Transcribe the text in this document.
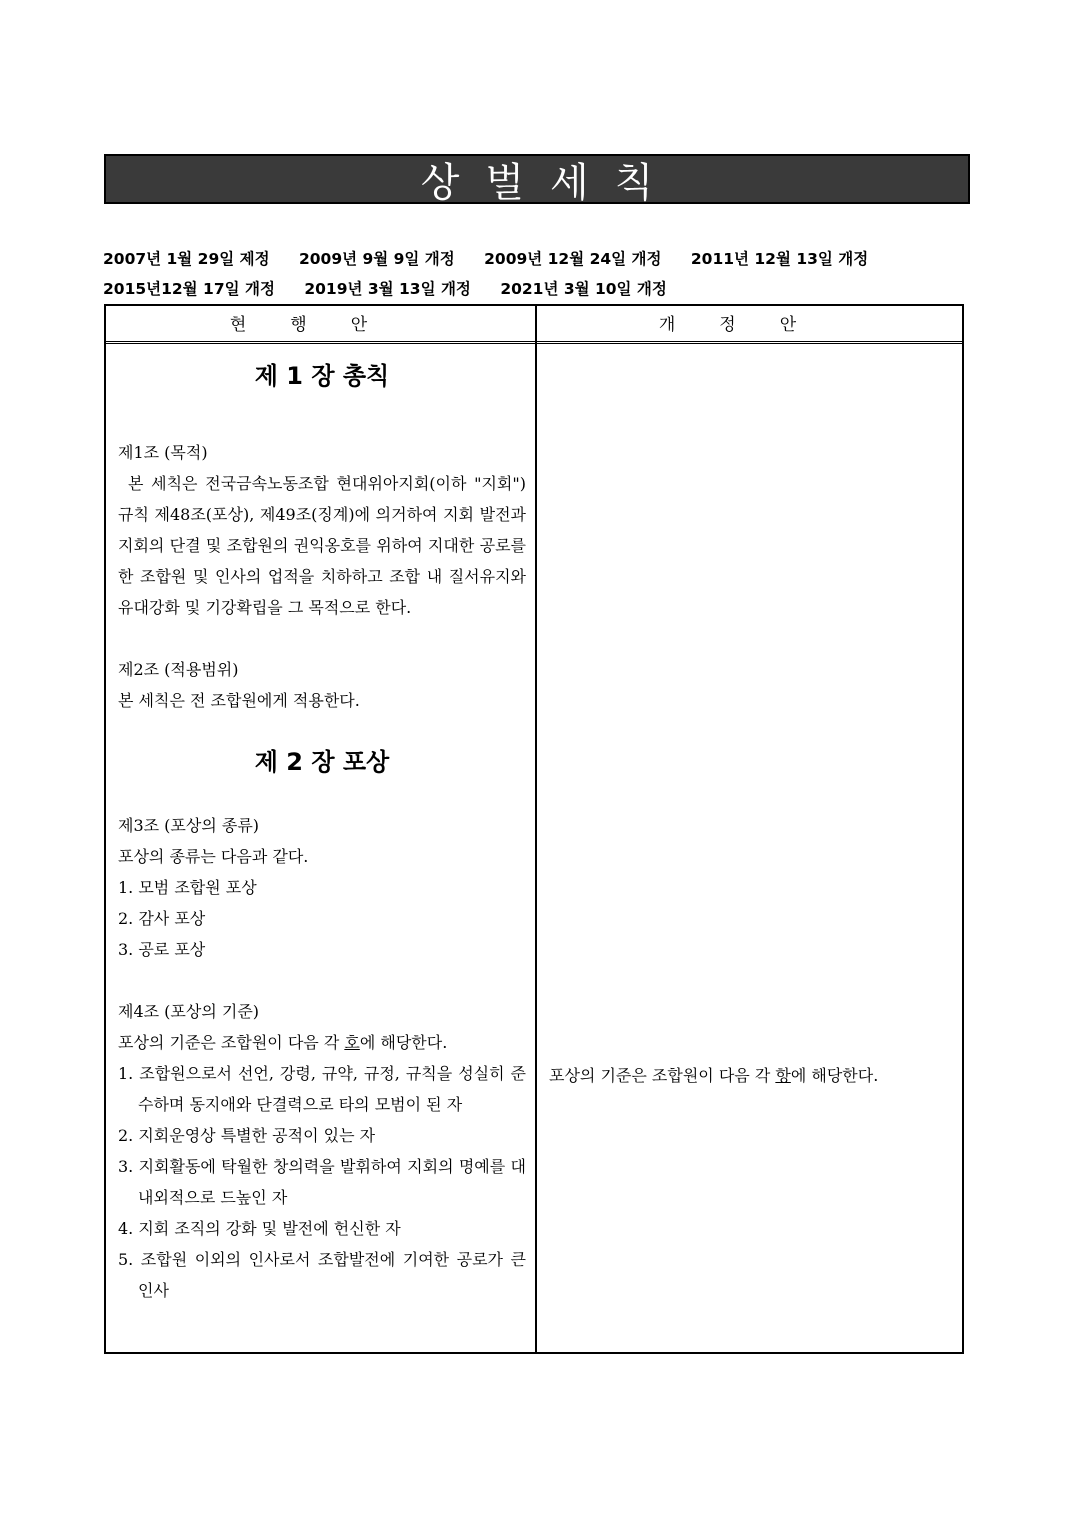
상벌세칙
2007년 1월 29일 제정 2009년 9월 9일 개정 2009년 12월 24일 개정 2011년 12월 13일 개정
2015년12월 17일 개정 2019년 3월 13일 개정 2021년 3월 10일 개정
현행안	개정안
제 1 장 총칙
제1조 (목적)
본 세칙은 전국금속노동조합 현대위아지회(이하 "지회") 규칙 제48조(포상), 제49조(징계)에 의거하여 지회 발전과 지회의 단결 및 조합원의 권익옹호를 위하여 지대한 공로를 한 조합원 및 인사의 업적을 치하하고 조합 내 질서유지와 유대강화 및 기강확립을 그 목적으로 한다.
제2조 (적용범위)
본 세칙은 전 조합원에게 적용한다.
제 2 장 포상
제3조 (포상의 종류)
포상의 종류는 다음과 같다.
1. 모범 조합원 포상
2. 감사 포상
3. 공로 포상
제4조 (포상의 기준)
포상의 기준은 조합원이 다음 각 호에 해당한다.
1. 조합원으로서 선언, 강령, 규약, 규정, 규칙을 성실히 준수하며 동지애와 단결력으로 타의 모범이 된 자
2. 지회운영상 특별한 공적이 있는 자
3. 지회활동에 탁월한 창의력을 발휘하여 지회의 명예를 대내외적으로 드높인 자
4. 지회 조직의 강화 및 발전에 헌신한 자
5. 조합원 이외의 인사로서 조합발전에 기여한 공로가 큰 인사
포상의 기준은 조합원이 다음 각 항에 해당한다.
